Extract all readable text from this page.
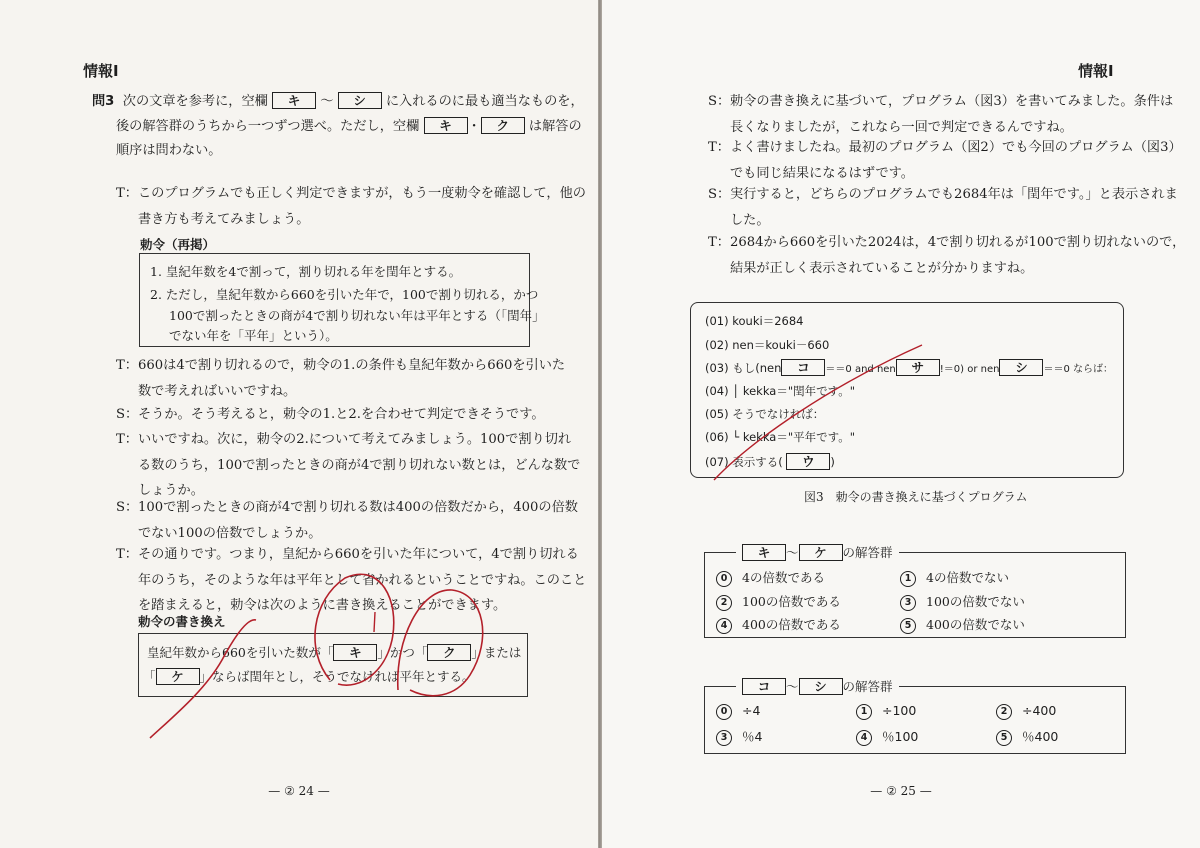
情報Ⅰ
問3 次の文章を参考に，空欄 キ 〜 シ に入れるのに最も適当なものを，
後の解答群のうちから一つずつ選べ。ただし，空欄 キ ・ ク は解答の
順序は問わない。
T： このプログラムでも正しく判定できますが，もう一度勅令を確認して，他の
書き方も考えてみましょう。
勅令（再掲）
1. 皇紀年数を4で割って，割り切れる年を閏年とする。
2. ただし，皇紀年数から660を引いた年で，100で割り切れる，かつ
100で割ったときの商が4で割り切れない年は平年とする（「閏年」
でない年を「平年」という）。
T： 660は4で割り切れるので，勅令の1.の条件も皇紀年数から660を引いた
数で考えればいいですね。
S： そうか。そう考えると，勅令の1.と2.を合わせて判定できそうです。
T： いいですね。次に，勅令の2.について考えてみましょう。100で割り切れ
る数のうち，100で割ったときの商が4で割り切れない数とは，どんな数で
しょうか。
S： 100で割ったときの商が4で割り切れる数は400の倍数だから，400の倍数
でない100の倍数でしょうか。
T： その通りです。つまり，皇紀から660を引いた年について，4で割り切れる
年のうち，そのような年は平年として省かれるということですね。このこと
を踏まえると，勅令は次のように書き換えることができます。
勅令の書き換え
皇紀年数から660を引いた数が「 キ 」かつ「 ク 」または
「 ケ 」ならば閏年とし，そうでなければ平年とする。
— ② 24 —
情報Ⅰ
S： 勅令の書き換えに基づいて，プログラム（図3）を書いてみました。条件は
長くなりましたが，これなら一回で判定できるんですね。
T： よく書けましたね。最初のプログラム（図2）でも今回のプログラム（図3）
でも同じ結果になるはずです。
S： 実行すると，どちらのプログラムでも2684年は「閏年です。」と表示されま
した。
T： 2684から660を引いた2024は，4で割り切れるが100で割り切れないので，
結果が正しく表示されていることが分かりますね。
(01) kouki＝2684
(02) nen＝kouki－660
(03) もし(nen コ ＝＝0 and nen サ !＝0) or nen シ ＝＝0 ならば：
(04) │ kekka＝"閏年です。"
(05) そうでなければ：
(06) └ kekka＝"平年です。"
(07) 表示する( ウ )
図3　勅令の書き換えに基づくプログラム
キ 〜 ケ の解答群
0 4の倍数である	1 4の倍数でない
2 100の倍数である	3 100の倍数でない
4 400の倍数である	5 400の倍数でない
コ 〜 シ の解答群
0 ÷4	1 ÷100	2 ÷400
3 ％4	4 ％100	5 ％400
— ② 25 —
